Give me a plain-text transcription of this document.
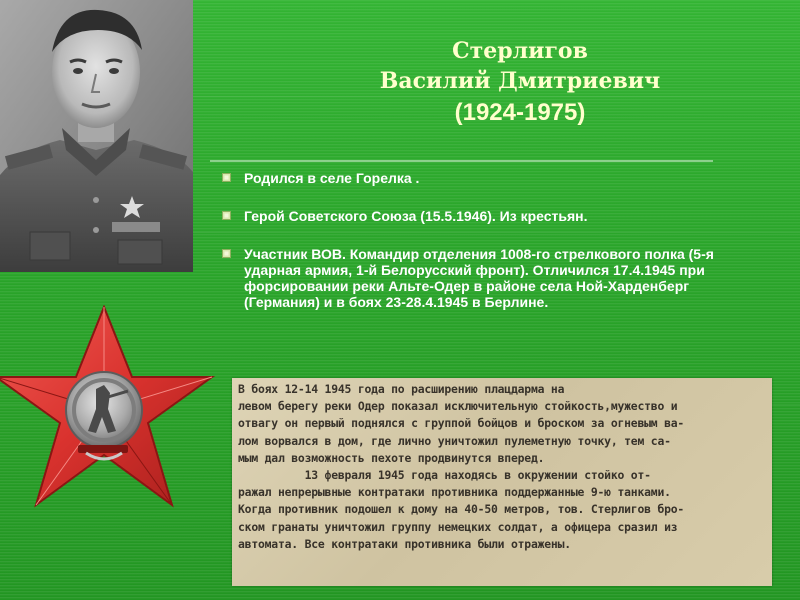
Стерлигов
Василий Дмитриевич
(1924-1975)
Родился в селе Горелка .
Герой Советского Союза (15.5.1946). Из крестьян.
Участник ВОВ. Командир отделения 1008-го стрелкового полка (5-я ударная армия, 1-й Белорусский фронт). Отличился 17.4.1945 при форсировании реки Альте-Одер в районе села Ной-Харденберг (Германия) и в боях 23-28.4.1945 в Берлине.
В боях 12-14 1945 года по расширению плацдарма на
левом берегу реки Одер показал исключительную стойкость,мужество и
отвагу он первый поднялся с группой бойцов и броском за огневым ва-
лом ворвался в дом, где лично уничтожил пулеметную точку, тем са-
мым дал возможность пехоте продвинутся вперед.
13 февраля 1945 года находясь в окружении стойко от-
ражал непрерывные контратаки противника поддержанные 9-ю танками.
Когда противник подошел к дому на 40-50 метров, тов. Стерлигов бро-
ском гранаты уничтожил группу немецких солдат, а офицера сразил из
автомата. Все контратаки противника были отражены.
